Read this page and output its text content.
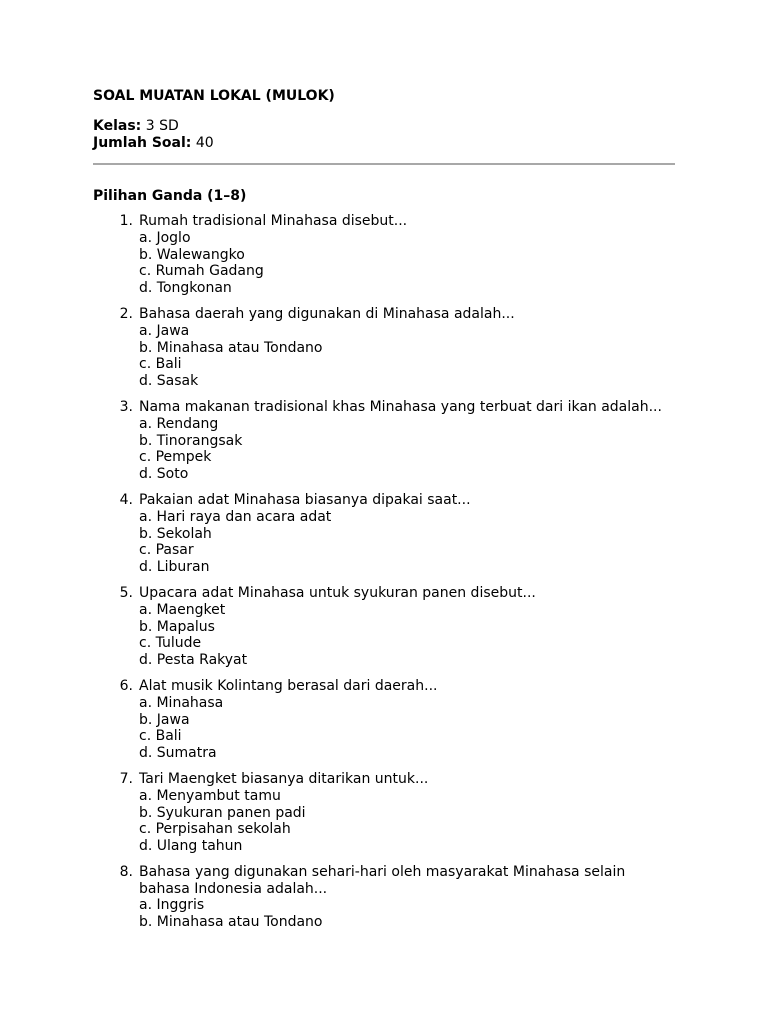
SOAL MUATAN LOKAL (MULOK)
Kelas: 3 SD
Jumlah Soal: 40
Pilihan Ganda (1–8)
1. Rumah tradisional Minahasa disebut...
a. Joglo
b. Walewangko
c. Rumah Gadang
d. Tongkonan
2. Bahasa daerah yang digunakan di Minahasa adalah...
a. Jawa
b. Minahasa atau Tondano
c. Bali
d. Sasak
3. Nama makanan tradisional khas Minahasa yang terbuat dari ikan adalah...
a. Rendang
b. Tinorangsak
c. Pempek
d. Soto
4. Pakaian adat Minahasa biasanya dipakai saat...
a. Hari raya dan acara adat
b. Sekolah
c. Pasar
d. Liburan
5. Upacara adat Minahasa untuk syukuran panen disebut...
a. Maengket
b. Mapalus
c. Tulude
d. Pesta Rakyat
6. Alat musik Kolintang berasal dari daerah...
a. Minahasa
b. Jawa
c. Bali
d. Sumatra
7. Tari Maengket biasanya ditarikan untuk...
a. Menyambut tamu
b. Syukuran panen padi
c. Perpisahan sekolah
d. Ulang tahun
8. Bahasa yang digunakan sehari-hari oleh masyarakat Minahasa selain bahasa Indonesia adalah...
a. Inggris
b. Minahasa atau Tondano
